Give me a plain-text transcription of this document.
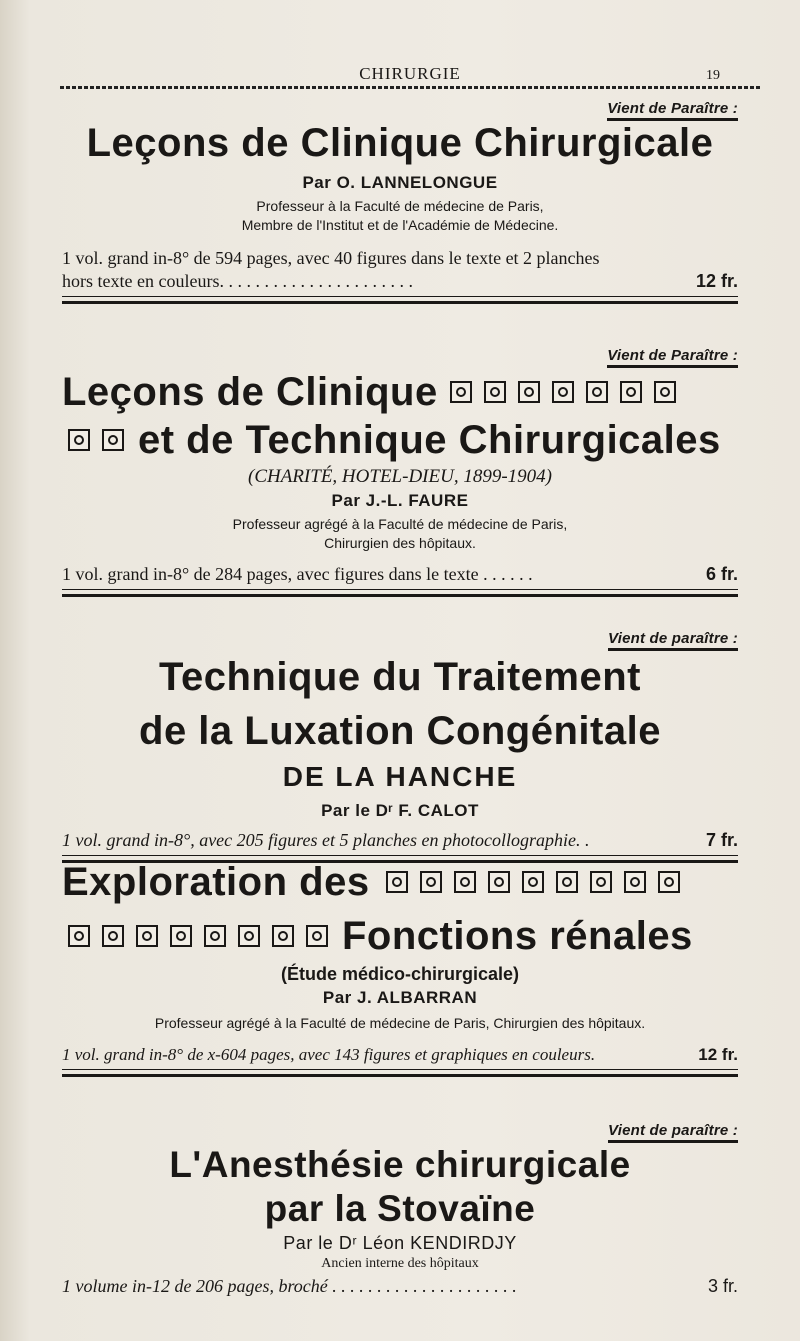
CHIRURGIE	19
Vient de Paraître :
Leçons de Clinique Chirurgicale
Par O. LANNELONGUE
Professeur à la Faculté de médecine de Paris,
Membre de l'Institut et de l'Académie de Médecine.
1 vol. grand in-8° de 594 pages, avec 40 figures dans le texte et 2 planches
hors texte en couleurs. . . . . . . . . . . . . . . . . . . . . .	12 fr.
Vient de Paraître :
Leçons de Clinique
et de Technique Chirurgicales
(CHARITÉ, HOTEL-DIEU, 1899-1904)
Par J.-L. FAURE
Professeur agrégé à la Faculté de médecine de Paris,
Chirurgien des hôpitaux.
1 vol. grand in-8° de 284 pages, avec figures dans le texte . . . . . .	6 fr.
Vient de paraître :
Technique du Traitement
de la Luxation Congénitale
DE LA HANCHE
Par le Dʳ F. CALOT
1 vol. grand in-8°, avec 205 figures et 5 planches en photocollographie. .	7 fr.
Exploration des
Fonctions rénales
(Étude médico-chirurgicale)
Par J. ALBARRAN
Professeur agrégé à la Faculté de médecine de Paris, Chirurgien des hôpitaux.
1 vol. grand in-8° de x-604 pages, avec 143 figures et graphiques en couleurs.	12 fr.
Vient de paraître :
L'Anesthésie chirurgicale
par la Stovaïne
Par le Dʳ Léon KENDIRDJY
Ancien interne des hôpitaux
1 volume in-12 de 206 pages, broché . . . . . . . . . . . . . . . . . . . . .	3 fr.
